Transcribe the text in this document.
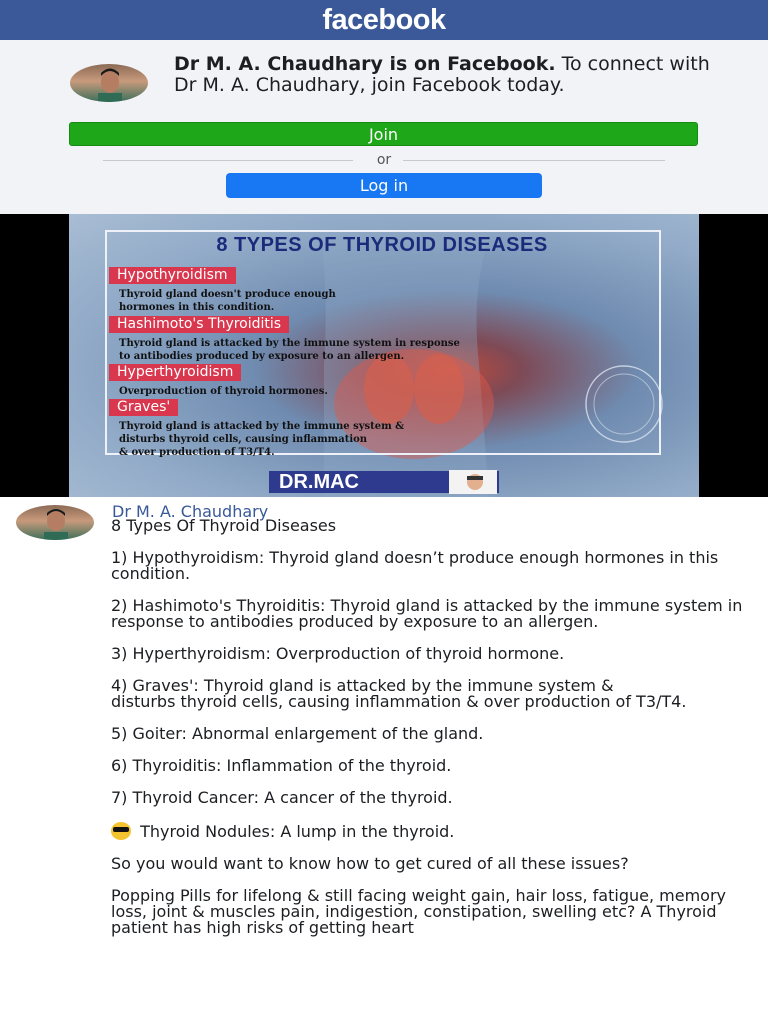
facebook
Dr M. A. Chaudhary is on Facebook. To connect with Dr M. A. Chaudhary, join Facebook today.
Join
or
Log in
8 TYPES OF THYROID DISEASES
Hypothyroidism
Thyroid gland doesn't produce enough
hormones in this condition.
Hashimoto's Thyroiditis
Thyroid gland is attacked by the immune system in response
to antibodies produced by exposure to an allergen.
Hyperthyroidism
Overproduction of thyroid hormones.
Graves'
Thyroid gland is attacked by the immune system &
disturbs thyroid cells, causing inflammation
& over production of T3/T4.
DR.MAC
Dr M. A. Chaudhary
8 Types Of Thyroid Diseases
1) Hypothyroidism: Thyroid gland doesn’t produce enough hormones in this condition.
2) Hashimoto's Thyroiditis: Thyroid gland is attacked by the immune system in response to antibodies produced by exposure to an allergen.
3) Hyperthyroidism: Overproduction of thyroid hormone.
4) Graves': Thyroid gland is attacked by the immune system &
disturbs thyroid cells, causing inflammation & over production of T3/T4.
5) Goiter: Abnormal enlargement of the gland.
6) Thyroiditis: Inflammation of the thyroid.
7) Thyroid Cancer: A cancer of the thyroid.
Thyroid Nodules: A lump in the thyroid.
So you would want to know how to get cured of all these issues?
Popping Pills for lifelong & still facing weight gain, hair loss, fatigue, memory loss, joint & muscles pain, indigestion, constipation, swelling etc? A Thyroid patient has high risks of getting heart
